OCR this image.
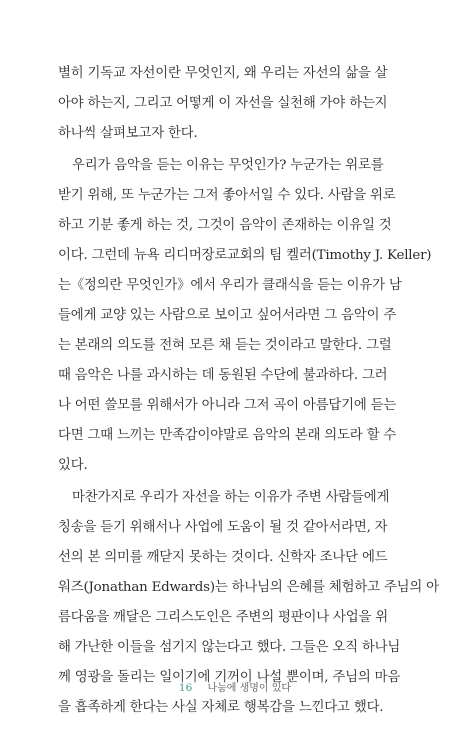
별히 기독교 자선이란 무엇인지, 왜 우리는 자선의 삶을 살
아야 하는지, 그리고 어떻게 이 자선을 실천해 가야 하는지
하나씩 살펴보고자 한다.
우리가 음악을 듣는 이유는 무엇인가? 누군가는 위로를
받기 위해, 또 누군가는 그저 좋아서일 수 있다. 사람을 위로
하고 기분 좋게 하는 것, 그것이 음악이 존재하는 이유일 것
이다. 그런데 뉴욕 리디머장로교회의 팀 켈러(Timothy J. Keller)
는《정의란 무엇인가》에서 우리가 클래식을 듣는 이유가 남
들에게 교양 있는 사람으로 보이고 싶어서라면 그 음악이 주
는 본래의 의도를 전혀 모른 채 듣는 것이라고 말한다. 그럴
때 음악은 나를 과시하는 데 동원된 수단에 불과하다. 그러
나 어떤 쓸모를 위해서가 아니라 그저 곡이 아름답기에 듣는
다면 그때 느끼는 만족감이야말로 음악의 본래 의도라 할 수
있다.
마찬가지로 우리가 자선을 하는 이유가 주변 사람들에게
칭송을 듣기 위해서나 사업에 도움이 될 것 같아서라면, 자
선의 본 의미를 깨닫지 못하는 것이다. 신학자 조나단 에드
워즈(Jonathan Edwards)는 하나님의 은혜를 체험하고 주님의 아
름다움을 깨달은 그리스도인은 주변의 평판이나 사업을 위
해 가난한 이들을 섬기지 않는다고 했다. 그들은 오직 하나님
께 영광을 돌리는 일이기에 기꺼이 나설 뿐이며, 주님의 마음
을 흡족하게 한다는 사실 자체로 행복감을 느낀다고 했다.
16 나눔에 생명이 있다
